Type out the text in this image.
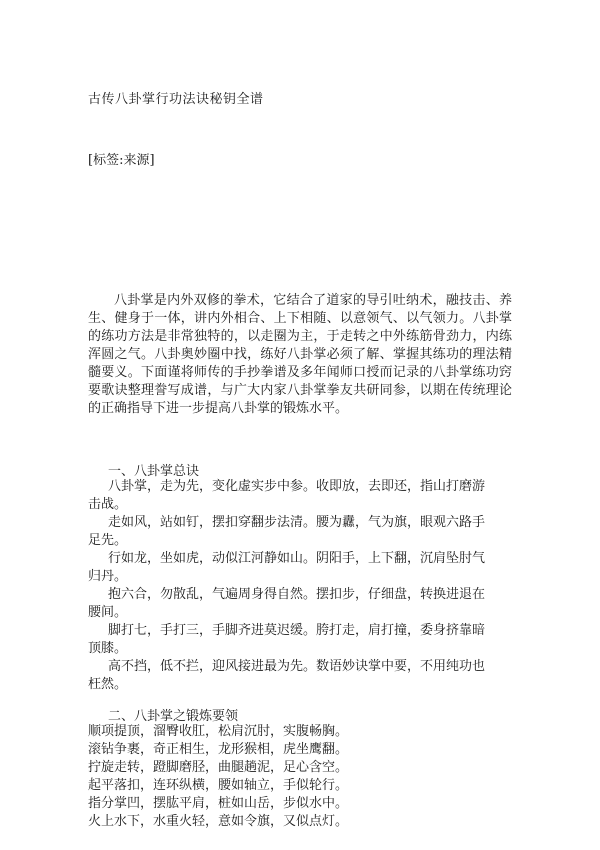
古传八卦掌行功法诀秘钥全谱
[标签:来源]

八卦掌是内外双修的拳术，它结合了道家的导引吐纳术，融技击、养生、健身于一体，讲内外相合、上下相随、以意领气、以气领力。八卦掌的练功方法是非常独特的，以走圈为主，于走转之中外练筋骨劲力，内练浑圆之气。八卦奥妙圈中找，练好八卦掌必须了解、掌握其练功的理法精髓要义。下面谨将师传的手抄拳谱及多年闻师口授而记录的八卦掌练功窍要歌诀整理誊写成谱，与广大内家八卦掌拳友共研同参，以期在传统理论的正确指导下进一步提高八卦掌的锻炼水平。

一、八卦掌总诀

八卦掌，走为先，变化虚实步中参。收即放，去即还，指山打磨游击战。

走如风，站如钉，摆扣穿翻步法清。腰为纛，气为旗，眼观六路手足先。

行如龙，坐如虎，动似江河静如山。阴阳手，上下翻，沉肩坠肘气归丹。

抱六合，勿散乱，气遍周身得自然。摆扣步，仔细盘，转换进退在腰间。

脚打七，手打三，手脚齐进莫迟缓。胯打走，肩打撞，委身挤靠暗顶膝。

高不挡，低不拦，迎风接进最为先。数语妙诀掌中要，不用纯功也枉然。

二、八卦掌之锻炼要领

顺项提顶，溜臀收肛，松肩沉肘，实腹畅胸。

滚钻争裹，奇正相生，龙形猴相，虎坐鹰翻。

拧旋走转，蹬脚磨胫，曲腿趟泥，足心含空。

起平落扣，连环纵横，腰如轴立，手似轮行。

指分掌凹，摆肱平肩，桩如山岳，步似水中。

火上水下，水重火轻，意如令旗，又似点灯。
